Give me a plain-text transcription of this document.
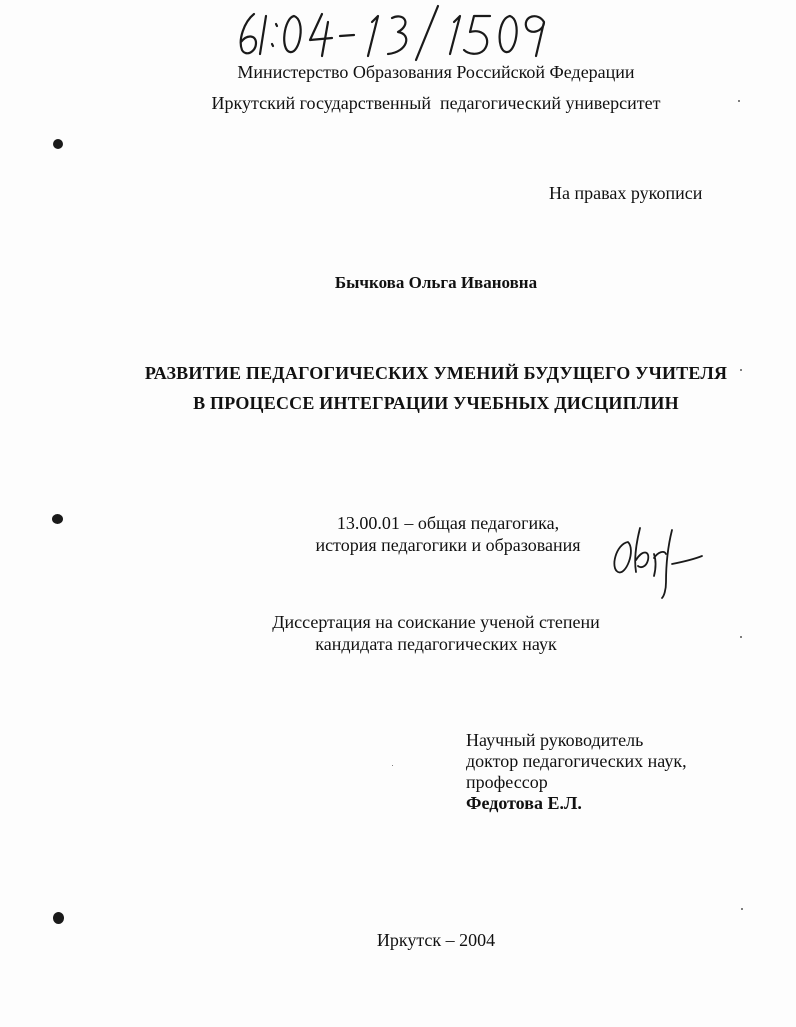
Министерство Образования Российской Федерации
Иркутский государственный  педагогический университет
На правах рукописи
Бычкова Ольга Ивановна
РАЗВИТИЕ ПЕДАГОГИЧЕСКИХ УМЕНИЙ БУДУЩЕГО УЧИТЕЛЯ
В ПРОЦЕССЕ ИНТЕГРАЦИИ УЧЕБНЫХ ДИСЦИПЛИН
13.00.01 – общая педагогика,
история педагогики и образования
Диссертация на соискание ученой степени
кандидата педагогических наук
Научный руководитель
доктор педагогических наук,
профессор
Федотова Е.Л.
Иркутск – 2004
